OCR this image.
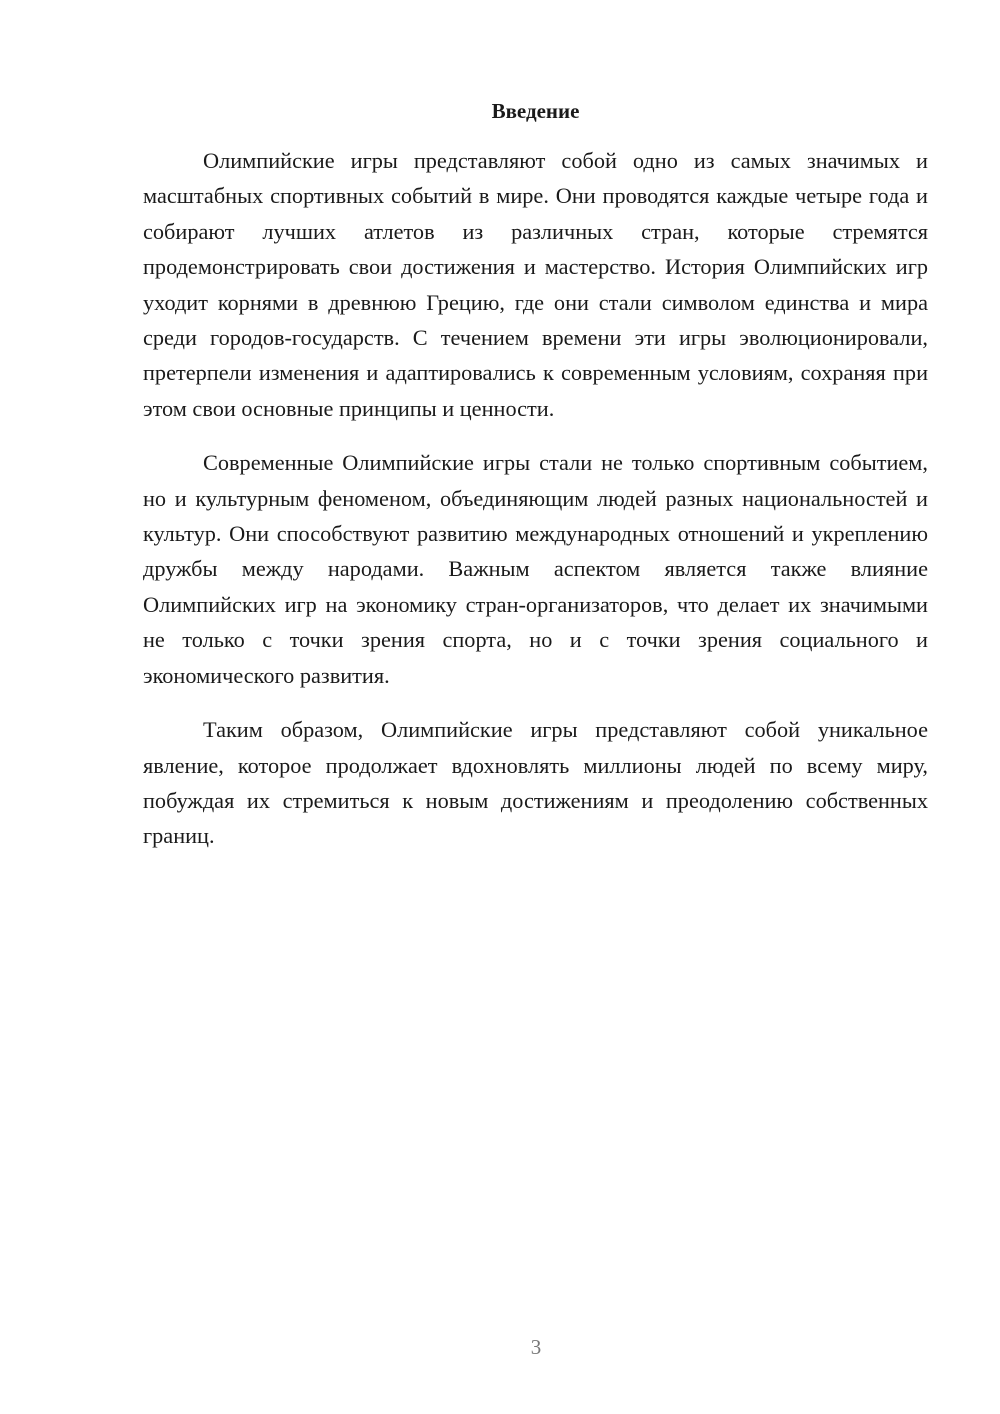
Введение

Олимпийские игры представляют собой одно из самых значимых и масштабных спортивных событий в мире. Они проводятся каждые четыре года и собирают лучших атлетов из различных стран, которые стремятся продемонстрировать свои достижения и мастерство. История Олимпийских игр уходит корнями в древнюю Грецию, где они стали символом единства и мира среди городов-государств. С течением времени эти игры эволюционировали, претерпели изменения и адаптировались к современным условиям, сохраняя при этом свои основные принципы и ценности.

Современные Олимпийские игры стали не только спортивным событием, но и культурным феноменом, объединяющим людей разных национальностей и культур. Они способствуют развитию международных отношений и укреплению дружбы между народами. Важным аспектом является также влияние Олимпийских игр на экономику стран-организаторов, что делает их значимыми не только с точки зрения спорта, но и с точки зрения социального и экономического развития.

Таким образом, Олимпийские игры представляют собой уникальное явление, которое продолжает вдохновлять миллионы людей по всему миру, побуждая их стремиться к новым достижениям и преодолению собственных границ.

3
